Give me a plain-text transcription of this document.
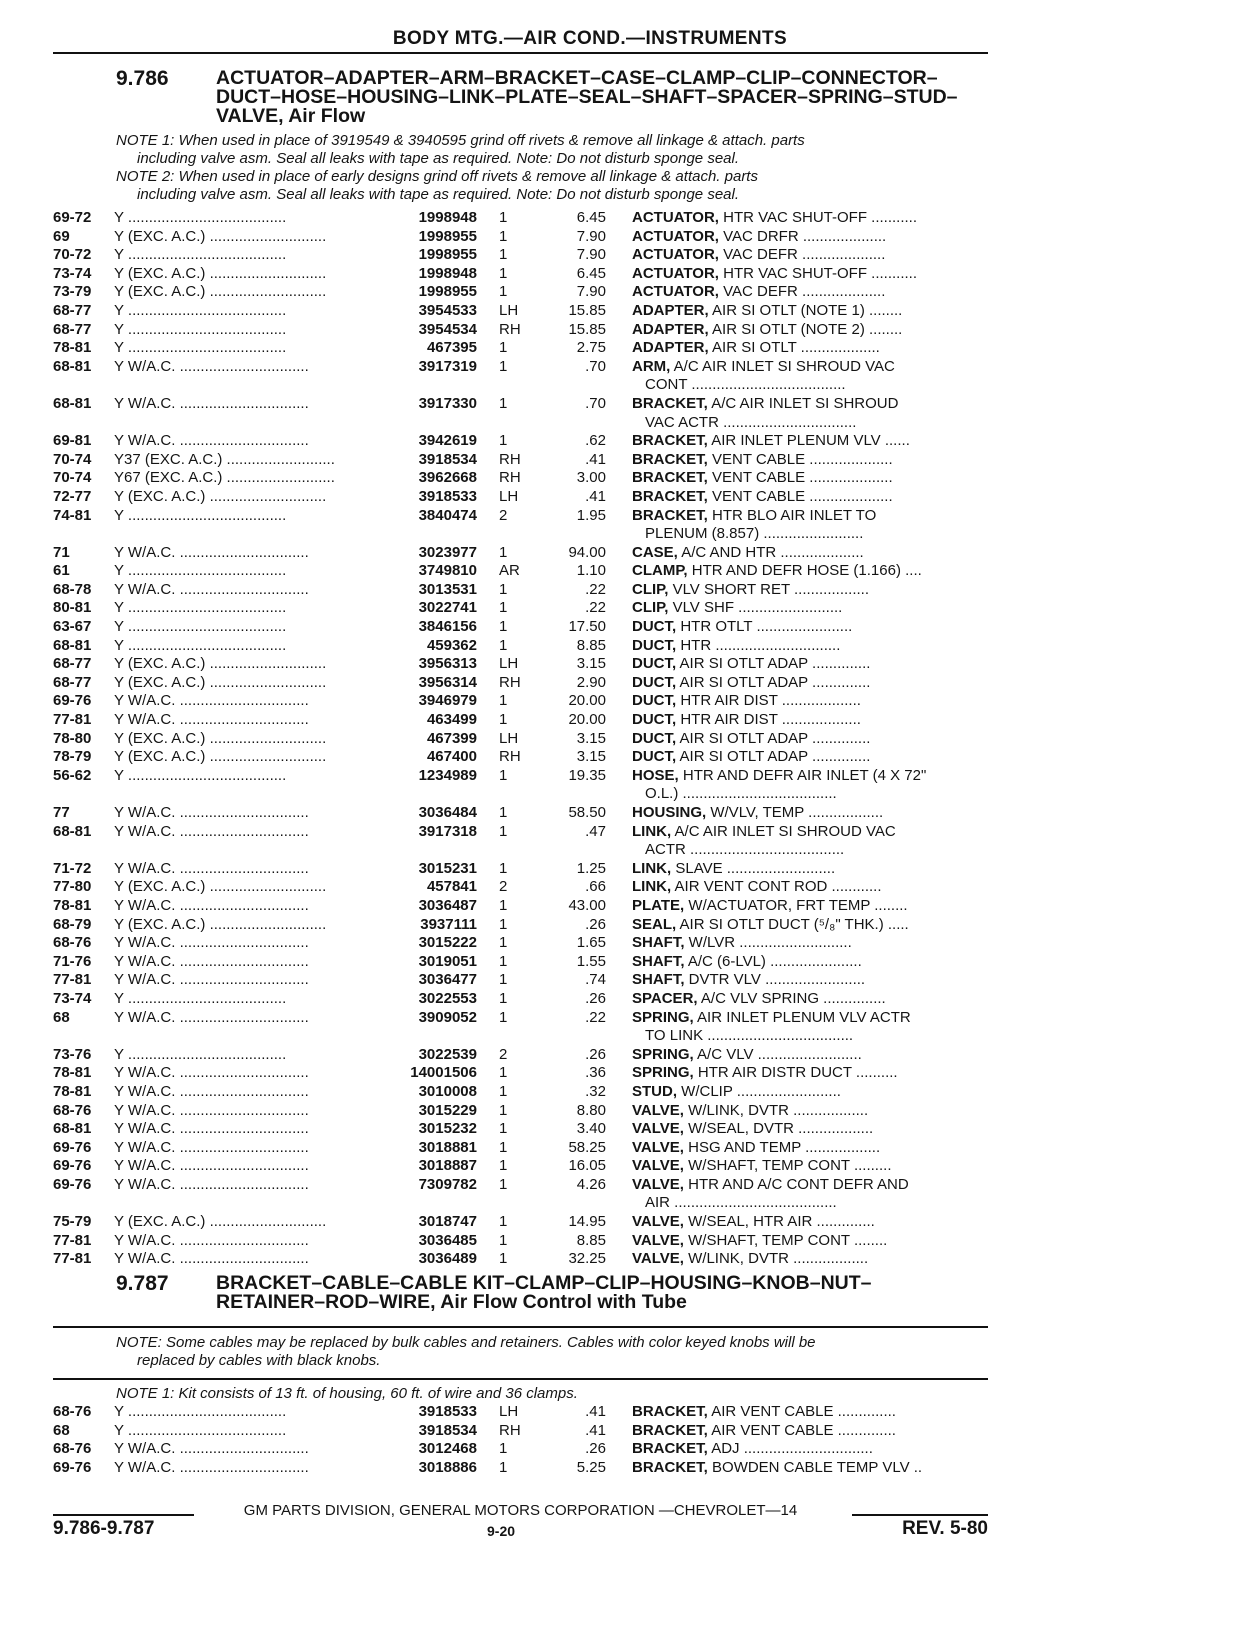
BODY MTG.—AIR COND.—INSTRUMENTS
9.786 ACTUATOR–ADAPTER–ARM–BRACKET–CASE–CLAMP–CLIP–CONNECTOR– DUCT–HOSE–HOUSING–LINK–PLATE–SEAL–SHAFT–SPACER–SPRING–STUD–VALVE, Air Flow
NOTE 1: When used in place of 3919549 & 3940595 grind off rivets & remove all linkage & attach. parts
including valve asm. Seal all leaks with tape as required. Note: Do not disturb sponge seal.
NOTE 2: When used in place of early designs grind off rivets & remove all linkage & attach. parts
including valve asm. Seal all leaks with tape as required. Note: Do not disturb sponge seal.
69-72	Y ......................................	1998948 1	6.45 ACTUATOR, HTR VAC SHUT-OFF ...........
69	Y (EXC. A.C.) ............................	1998955 1	7.90 ACTUATOR, VAC DRFR ....................
70-72	Y ......................................	1998955 1	7.90 ACTUATOR, VAC DEFR ....................
73-74	Y (EXC. A.C.) ............................	1998948 1	6.45 ACTUATOR, HTR VAC SHUT-OFF ...........
73-79	Y (EXC. A.C.) ............................	1998955 1	7.90 ACTUATOR, VAC DEFR ....................
68-77	Y ......................................	3954533 LH	15.85 ADAPTER, AIR SI OTLT (NOTE 1) ........
68-77	Y ......................................	3954534 RH	15.85 ADAPTER, AIR SI OTLT (NOTE 2) ........
78-81	Y ......................................	467395 1	2.75 ADAPTER, AIR SI OTLT ...................
68-81	Y W/A.C. ...............................	3917319 1	.70 ARM, A/C AIR INLET SI SHROUD VAC
CONT .....................................
68-81	Y W/A.C. ...............................	3917330 1	.70 BRACKET, A/C AIR INLET SI SHROUD
VAC ACTR ................................
69-81	Y W/A.C. ...............................	3942619 1	.62 BRACKET, AIR INLET PLENUM VLV ......
70-74	Y37 (EXC. A.C.) ..........................	3918534 RH	.41 BRACKET, VENT CABLE ....................
70-74	Y67 (EXC. A.C.) ..........................	3962668 RH	3.00 BRACKET, VENT CABLE ....................
72-77	Y (EXC. A.C.) ............................	3918533 LH	.41 BRACKET, VENT CABLE ....................
74-81	Y ......................................	3840474 2	1.95 BRACKET, HTR BLO AIR INLET TO
PLENUM (8.857) ........................
71	Y W/A.C. ...............................	3023977 1	94.00 CASE, A/C AND HTR ....................
61	Y ......................................	3749810 AR	1.10 CLAMP, HTR AND DEFR HOSE (1.166) ....
68-78	Y W/A.C. ...............................	3013531 1	.22 CLIP, VLV SHORT RET ..................
80-81	Y ......................................	3022741 1	.22 CLIP, VLV SHF .........................
63-67	Y ......................................	3846156 1	17.50 DUCT, HTR OTLT .......................
68-81	Y ......................................	459362 1	8.85 DUCT, HTR ..............................
68-77	Y (EXC. A.C.) ............................	3956313 LH	3.15 DUCT, AIR SI OTLT ADAP ..............
68-77	Y (EXC. A.C.) ............................	3956314 RH	2.90 DUCT, AIR SI OTLT ADAP ..............
69-76	Y W/A.C. ...............................	3946979 1	20.00 DUCT, HTR AIR DIST ...................
77-81	Y W/A.C. ...............................	463499 1	20.00 DUCT, HTR AIR DIST ...................
78-80	Y (EXC. A.C.) ............................	467399 LH	3.15 DUCT, AIR SI OTLT ADAP ..............
78-79	Y (EXC. A.C.) ............................	467400 RH	3.15 DUCT, AIR SI OTLT ADAP ..............
56-62	Y ......................................	1234989 1	19.35 HOSE, HTR AND DEFR AIR INLET (4 X 72"
O.L.) .....................................
77	Y W/A.C. ...............................	3036484 1	58.50 HOUSING, W/VLV, TEMP ..................
68-81	Y W/A.C. ...............................	3917318 1	.47 LINK, A/C AIR INLET SI SHROUD VAC
ACTR .....................................
71-72	Y W/A.C. ...............................	3015231 1	1.25 LINK, SLAVE ..........................
77-80	Y (EXC. A.C.) ............................	457841 2	.66 LINK, AIR VENT CONT ROD ............
78-81	Y W/A.C. ...............................	3036487 1	43.00 PLATE, W/ACTUATOR, FRT TEMP ........
68-79	Y (EXC. A.C.) ............................	3937111 1	.26 SEAL, AIR SI OTLT DUCT (⁵/₈" THK.) .....
68-76	Y W/A.C. ...............................	3015222 1	1.65 SHAFT, W/LVR ...........................
71-76	Y W/A.C. ...............................	3019051 1	1.55 SHAFT, A/C (6-LVL) ......................
77-81	Y W/A.C. ...............................	3036477 1	.74 SHAFT, DVTR VLV ........................
73-74	Y ......................................	3022553 1	.26 SPACER, A/C VLV SPRING ...............
68	Y W/A.C. ...............................	3909052 1	.22 SPRING, AIR INLET PLENUM VLV ACTR
TO LINK ...................................
73-76	Y ......................................	3022539 2	.26 SPRING, A/C VLV .........................
78-81	Y W/A.C. ...............................	14001506 1	.36 SPRING, HTR AIR DISTR DUCT ..........
78-81	Y W/A.C. ...............................	3010008 1	.32 STUD, W/CLIP .........................
68-76	Y W/A.C. ...............................	3015229 1	8.80 VALVE, W/LINK, DVTR ..................
68-81	Y W/A.C. ...............................	3015232 1	3.40 VALVE, W/SEAL, DVTR ..................
69-76	Y W/A.C. ...............................	3018881 1	58.25 VALVE, HSG AND TEMP ..................
69-76	Y W/A.C. ...............................	3018887 1	16.05 VALVE, W/SHAFT, TEMP CONT .........
69-76	Y W/A.C. ...............................	7309782 1	4.26 VALVE, HTR AND A/C CONT DEFR AND
AIR .......................................
75-79	Y (EXC. A.C.) ............................	3018747 1	14.95 VALVE, W/SEAL, HTR AIR ..............
77-81	Y W/A.C. ...............................	3036485 1	8.85 VALVE, W/SHAFT, TEMP CONT ........
77-81	Y W/A.C. ...............................	3036489 1	32.25 VALVE, W/LINK, DVTR ..................
9.787 BRACKET–CABLE–CABLE KIT–CLAMP–CLIP–HOUSING–KNOB–NUT–
RETAINER–ROD–WIRE, Air Flow Control with Tube
NOTE: Some cables may be replaced by bulk cables and retainers. Cables with color keyed knobs will be
replaced by cables with black knobs.
NOTE 1: Kit consists of 13 ft. of housing, 60 ft. of wire and 36 clamps.
68-76	Y ......................................	3918533 LH	.41 BRACKET, AIR VENT CABLE ..............
68	Y ......................................	3918534 RH	.41 BRACKET, AIR VENT CABLE ..............
68-76	Y W/A.C. ...............................	3012468 1	.26 BRACKET, ADJ ...............................
69-76	Y W/A.C. ...............................	3018886 1	5.25 BRACKET, BOWDEN CABLE TEMP VLV ..
GM PARTS DIVISION, GENERAL MOTORS CORPORATION —CHEVROLET—14
9.786-9.787	9-20	REV. 5-80
